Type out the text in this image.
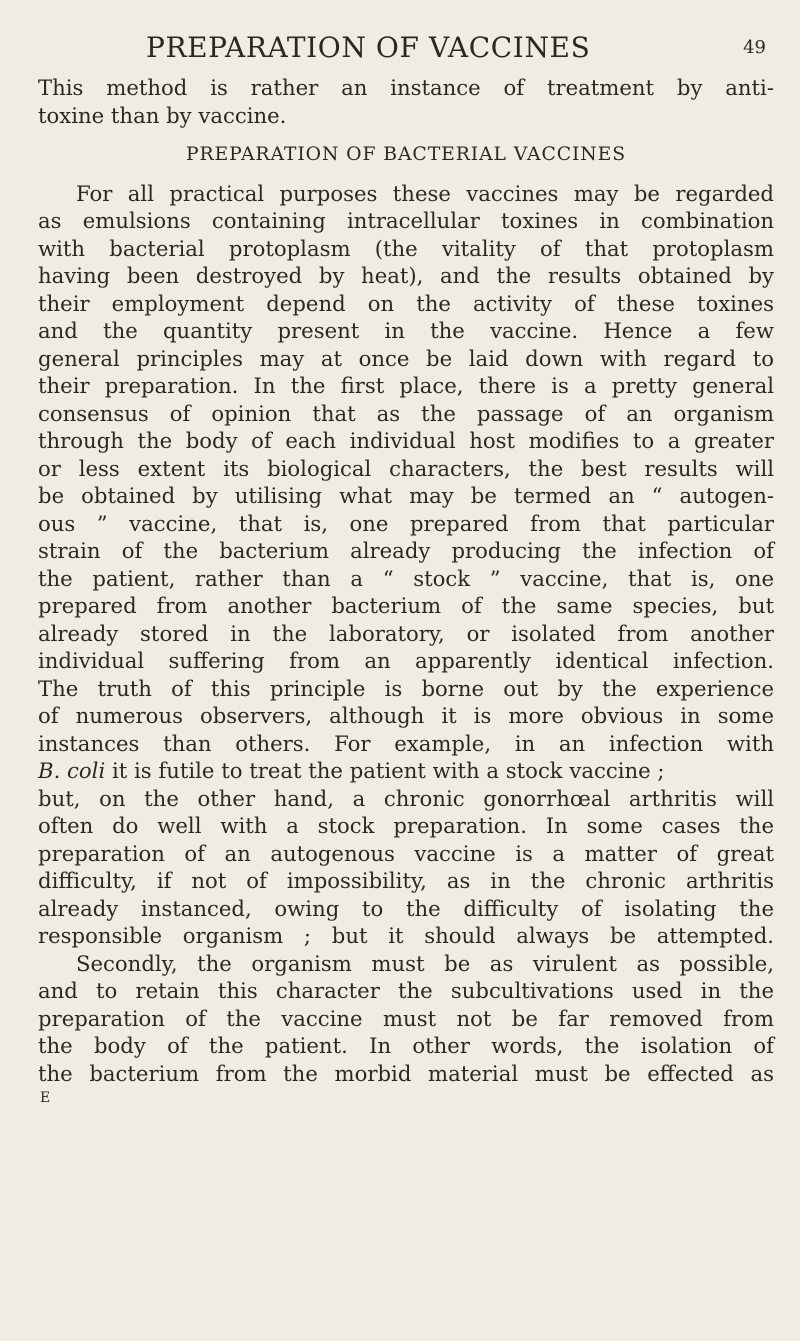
PREPARATION OF VACCINES	49
This method is rather an instance of treatment by anti-
toxine than by vaccine.
PREPARATION OF BACTERIAL VACCINES
For all practical purposes these vaccines may be regarded
as emulsions containing intracellular toxines in combination
with bacterial protoplasm (the vitality of that protoplasm
having been destroyed by heat), and the results obtained by
their employment depend on the activity of these toxines
and the quantity present in the vaccine. Hence a few
general principles may at once be laid down with regard to
their preparation. In the first place, there is a pretty general
consensus of opinion that as the passage of an organism
through the body of each individual host modifies to a greater
or less extent its biological characters, the best results will
be obtained by utilising what may be termed an “ autogen-
ous ” vaccine, that is, one prepared from that particular
strain of the bacterium already producing the infection of
the patient, rather than a “ stock ” vaccine, that is, one
prepared from another bacterium of the same species, but
already stored in the laboratory, or isolated from another
individual suffering from an apparently identical infection.
The truth of this principle is borne out by the experience
of numerous observers, although it is more obvious in some
instances than others. For example, in an infection with
B. coli it is futile to treat the patient with a stock vaccine ;
but, on the other hand, a chronic gonorrhœal arthritis will
often do well with a stock preparation. In some cases the
preparation of an autogenous vaccine is a matter of great
difficulty, if not of impossibility, as in the chronic arthritis
already instanced, owing to the difficulty of isolating the
responsible organism ; but it should always be attempted.
Secondly, the organism must be as virulent as possible,
and to retain this character the subcultivations used in the
preparation of the vaccine must not be far removed from
the body of the patient. In other words, the isolation of
the bacterium from the morbid material must be effected as
E
